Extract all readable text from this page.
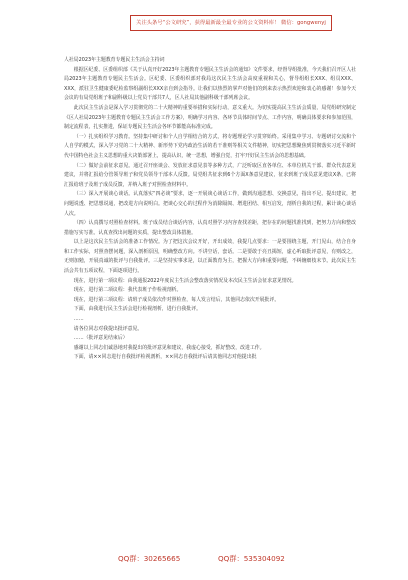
关注头条号“公文研究”，获得最新最全最专业的公文资料库！ 微信：gongwenyj

人社局2023年主题教育专题民主生活会主持词

根据区纪委、区委组织部《关于认真开好2023年主题教育专题民主生活会的通知》文件要求，经督导组批准，今天我们召开区人社局2023年主题教育专题民主生活会。区纪委、区委组织部对我局这次民主生活会高度重视和关心，督导组组长XXX、组员XXX、XXX，派驻卫生健康委纪检监察组副组长XXX亲自到会指导。让我们以热烈的掌声对他们的到来表示热烈欢迎和衷心的感谢！参加今天会议的有局党组班子和副科级以上党员干部共7人，区人社局其他副科级干部列席会议。

此次民主生活会是深入学习贯彻党的二十大精神的重要举措和实际行动，意义重大。为切实提高民主生活会质量，局党组研究制定《区人社局2023年主题教育专题民主生活会工作方案》，明确学习内容、各环节具体时间节点、工作内容，明确具体要求和参加范围，制定流程表，扎实推进，保证专题民主生活会各环节都能高标准完成。

（一）扎实组织学习教育。坚持集中研讨和个人自学相结合的方式，将专题理论学习贯穿始终。采用集中学习、专题研讨交流和个人自学的模式，深入学习党的二十大精神、新形势下党内政治生活的若干准则等相关文件精神，切实把思想聚焦到贯彻落实习近平新时代中国特色社会主义思想的重大决策部署上，提高认识，统一思想，增强自觉，打牢开好民主生活会的思想基础。

（二）做好会前征求意见。通过召开座谈会、发放征求意见表等多种方式，广泛听取区直各单位、本单位机关干部、群众代表意见建议，并将汇报给分管领导班子和党员领导干部本人反馈。局党组共征求到6个方面X条意见建议，征求到班子成员意见建议X条，已将汇报给班子及班子成员反馈，并纳入班子对照检查材料中。

（三）深入开展谈心谈话。认真落实“四必谈”要求，逐一开展谈心谈话工作，做到沟通思想、交换意见，指出不足、提出建议，把问题说透、把思想说通，把改进方向说明白。把谈心交心的过程作为消除隔阂、增进团结、相互启发，剖析自我的过程，累计谈心谈话人次。

（四）认真撰写对照检查材料。班子成员结合谈话内容，认真对照学习内容查找差距，把存在的问题找准找到，把努力方向和整改措施写实写准。认真查找出问题的实质，提出整改具体措施。

以上是这次民主生活会的准备工作情况。为了把这次会议开好，开出成效，我提几点要求：一是要围绕主题，开门见山，结合自身和工作实际，对照查摆问题，深入剖析原因，明确整改方向。不讲空话，套话。二是要敢于亮丑揭短，虚心听取批评意见，有则改之，无则加勉，开展真诚的批评与自我批评。三是坚持实事求是，以正面教育为主，把握大方向和重要问题，不纠缠细枝末节。此次民主生活会共有五项议程，下面逐项进行。

现在，进行第一项议程：由我通报2022年度民主生活会整改落实情况及本次民主生活会征求意见情况。

现在，进行第二项议程：我代表班子作检视剖析。

现在，进行第三项议程：请班子成员依次作对照检查，每人发言结后，其他同志依次开展批评。

下面，由我进行民主生活会进行检视剖析，进行自我批评。

……

请各位同志对我提出批评意见。

……（批评意见结束后）

感谢以上同志们诚恳地对我提出的批评意见和建议，我虚心接受，抓好整改，改进工作。

下面，请××同志进行自我批评检视剖析，××同志自我批评后请其他同志对他提出批

QQ群：30265665	QQ群：535304092
